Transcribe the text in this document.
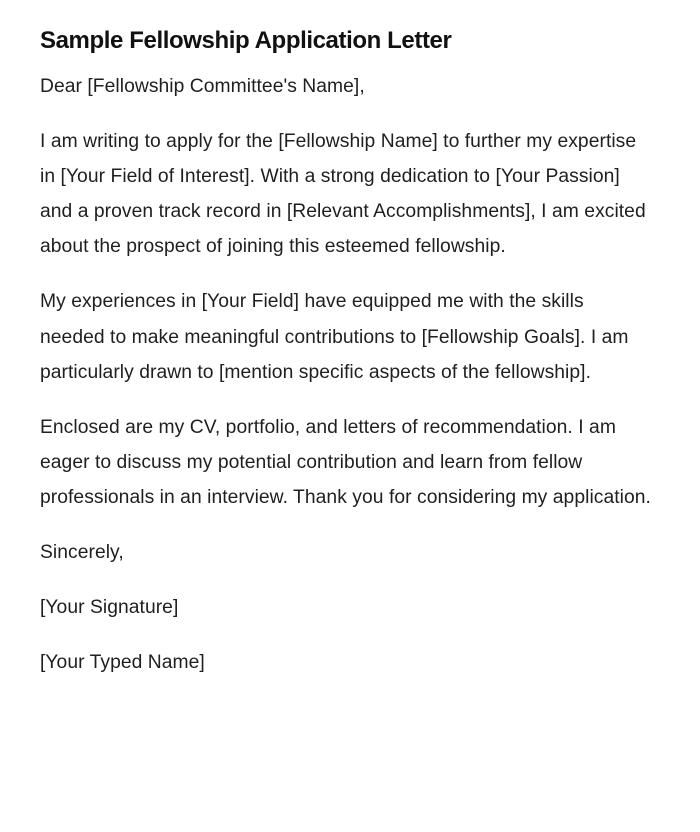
Sample Fellowship Application Letter

Dear [Fellowship Committee's Name],

I am writing to apply for the [Fellowship Name] to further my expertise in [Your Field of Interest]. With a strong dedication to [Your Passion] and a proven track record in [Relevant Accomplishments], I am excited about the prospect of joining this esteemed fellowship.

My experiences in [Your Field] have equipped me with the skills needed to make meaningful contributions to [Fellowship Goals]. I am particularly drawn to [mention specific aspects of the fellowship].

Enclosed are my CV, portfolio, and letters of recommendation. I am eager to discuss my potential contribution and learn from fellow professionals in an interview. Thank you for considering my application.

Sincerely,

[Your Signature]

[Your Typed Name]
